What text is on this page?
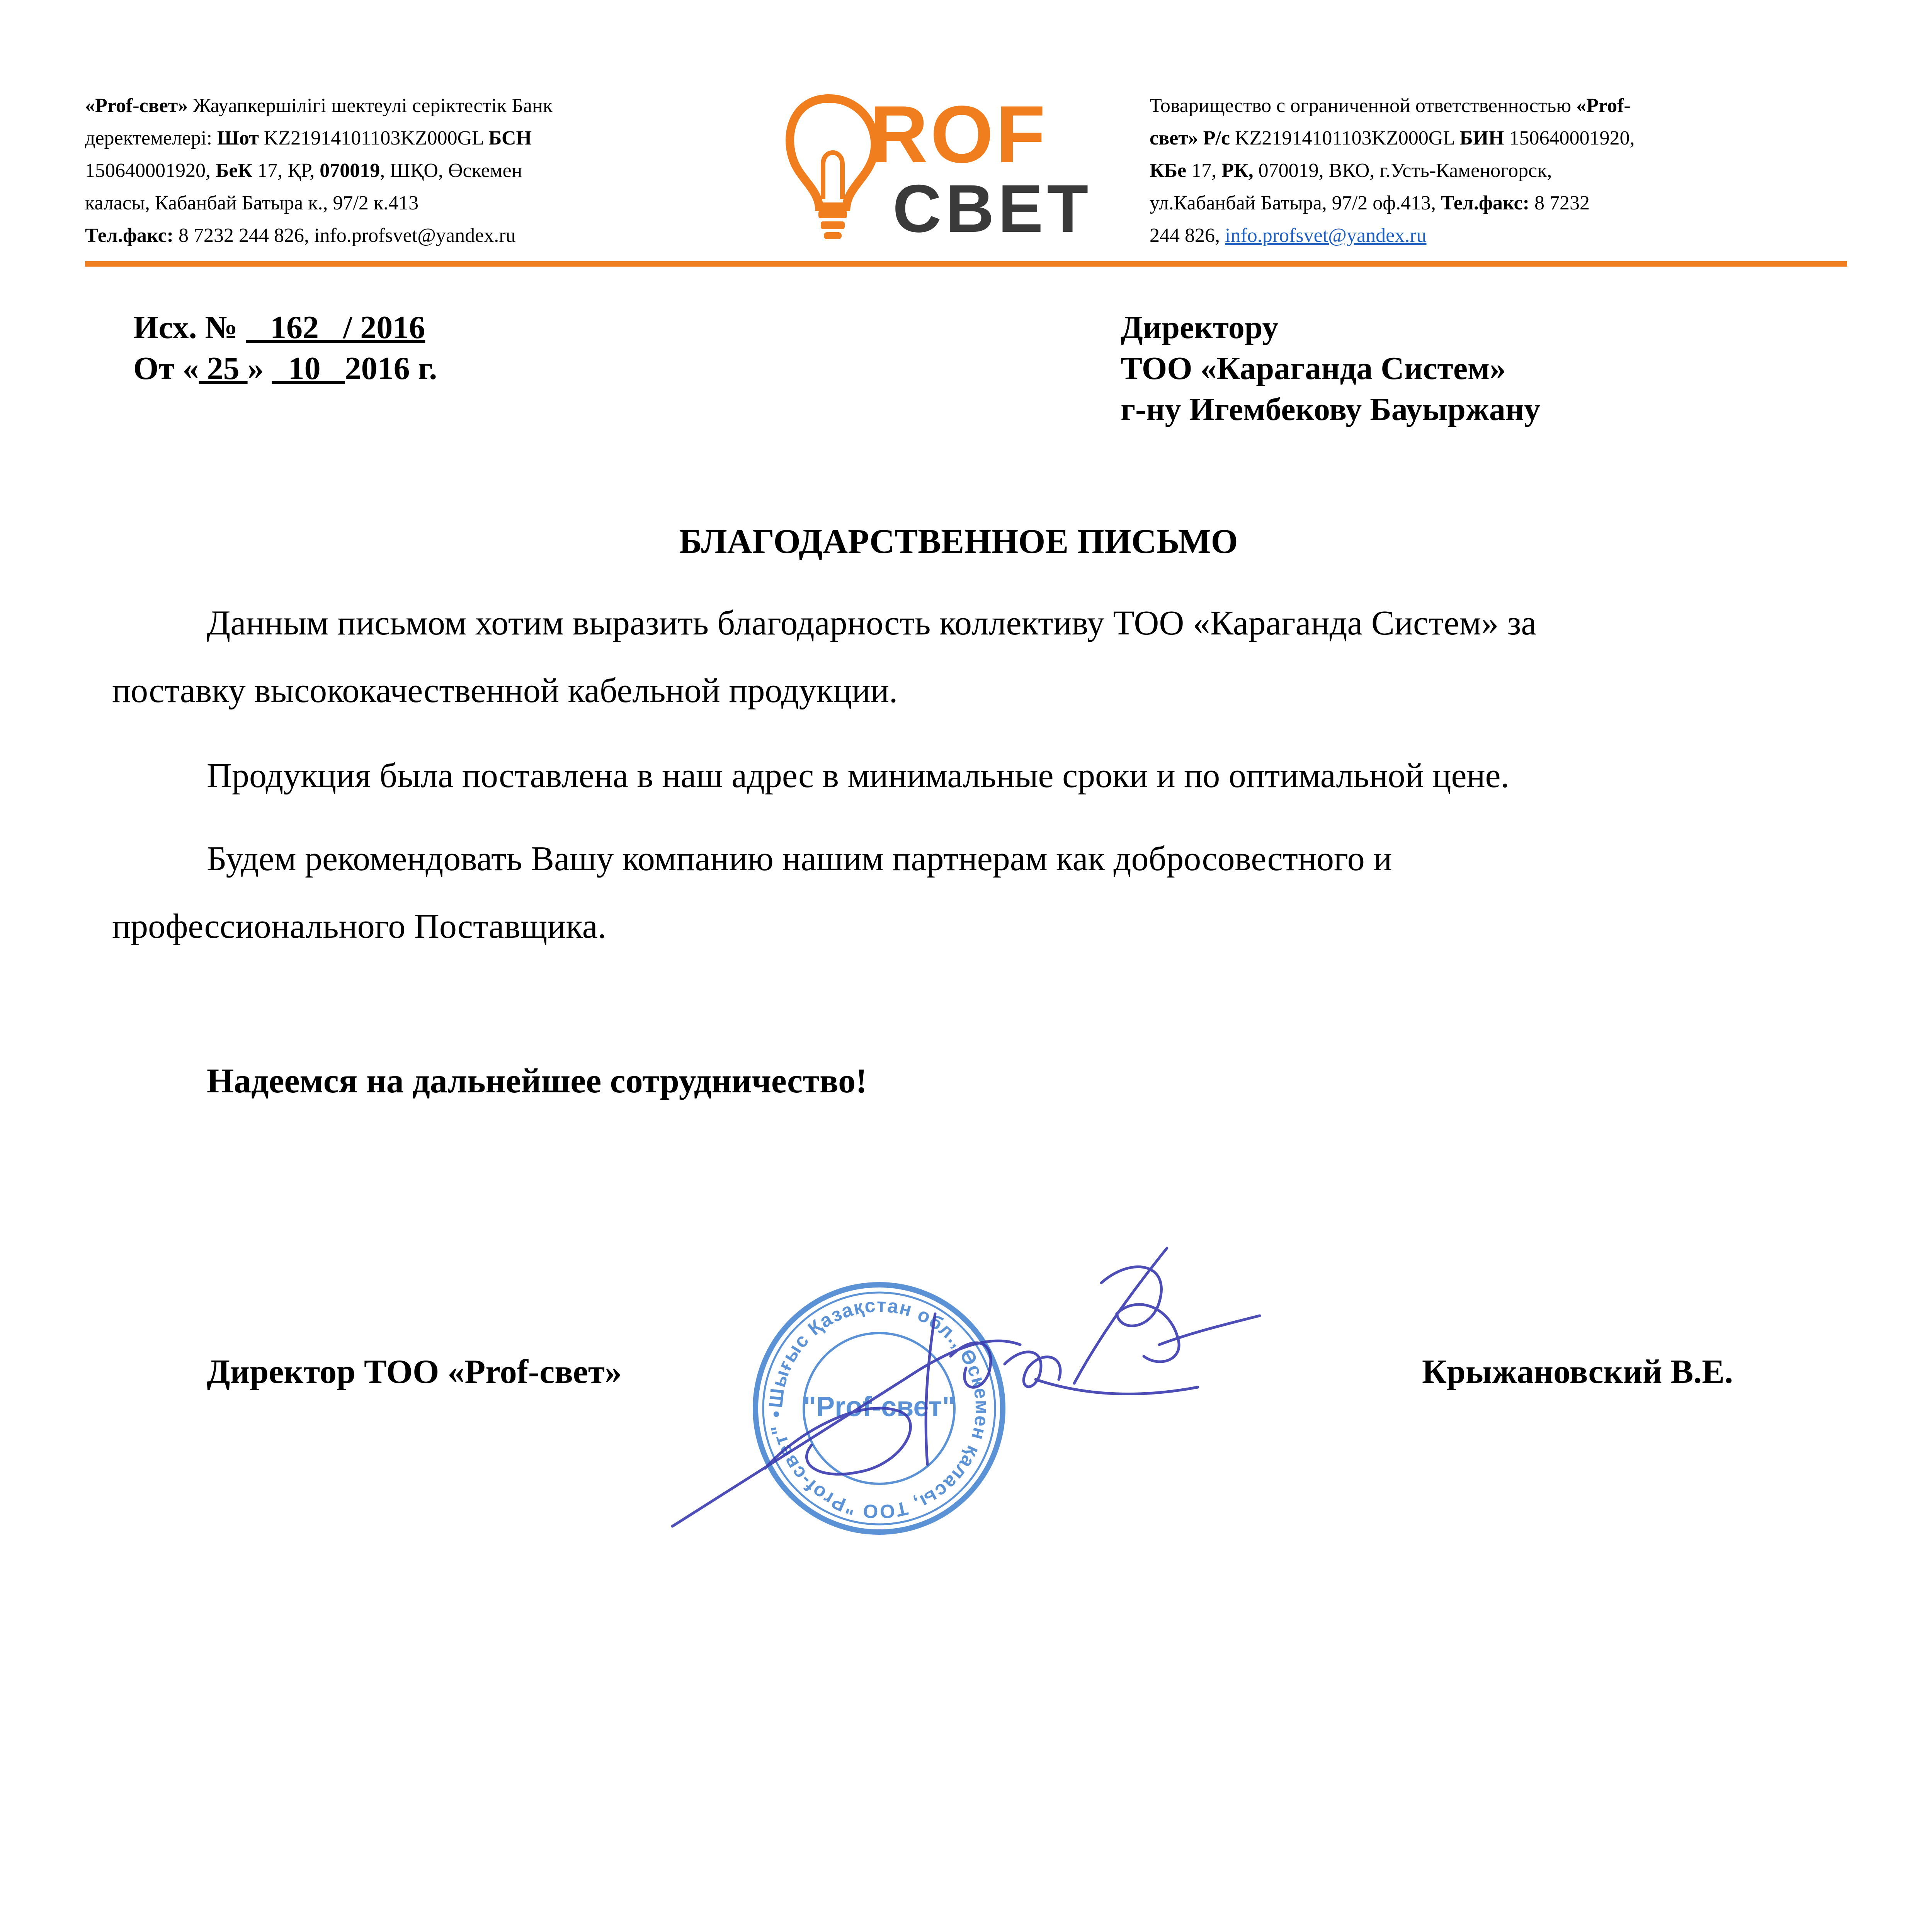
«Prof-свет» Жауапкершілігі шектеулі серіктестік Банк
деректемелері: Шот KZ21914101103KZ000GL БСН
150640001920, БеК 17, ҚР, 070019, ШҚО, Өскемен
каласы, Кабанбай Батыра к., 97/2 к.413
Тел.факс: 8 7232 244 826, info.profsvet@yandex.ru
ROF
СВЕТ
Товарищество с ограниченной ответственностью «Prof-
свет» Р/с KZ21914101103KZ000GL БИН 150640001920,
КБе 17, РК, 070019, ВКО, г.Усть-Каменогорск,
ул.Кабанбай Батыра, 97/2 оф.413, Тел.факс: 8 7232
244 826, info.profsvet@yandex.ru
Исх. №    162   / 2016
От « 25 »   10   2016 г.
Директору
ТОО «Караганда Систем»
г-ну Игембекову Бауыржану
БЛАГОДАРСТВЕННОЕ ПИСЬМО
Данным письмом хотим выразить благодарность коллективу ТОО «Караганда Систем» за
поставку высококачественной кабельной продукции.
Продукция была поставлена в наш адрес в минимальные сроки и по оптимальной цене.
Будем рекомендовать Вашу компанию нашим партнерам как добросовестного и
профессионального Поставщика.
Надеемся на дальнейшее сотрудничество!
Директор ТОО «Prof-свет»	Крыжановский В.Е.
Шығыс Қазақстан обл., Өскемен қаласы, ТОО "Prof-свет" • "Prof-свет"
